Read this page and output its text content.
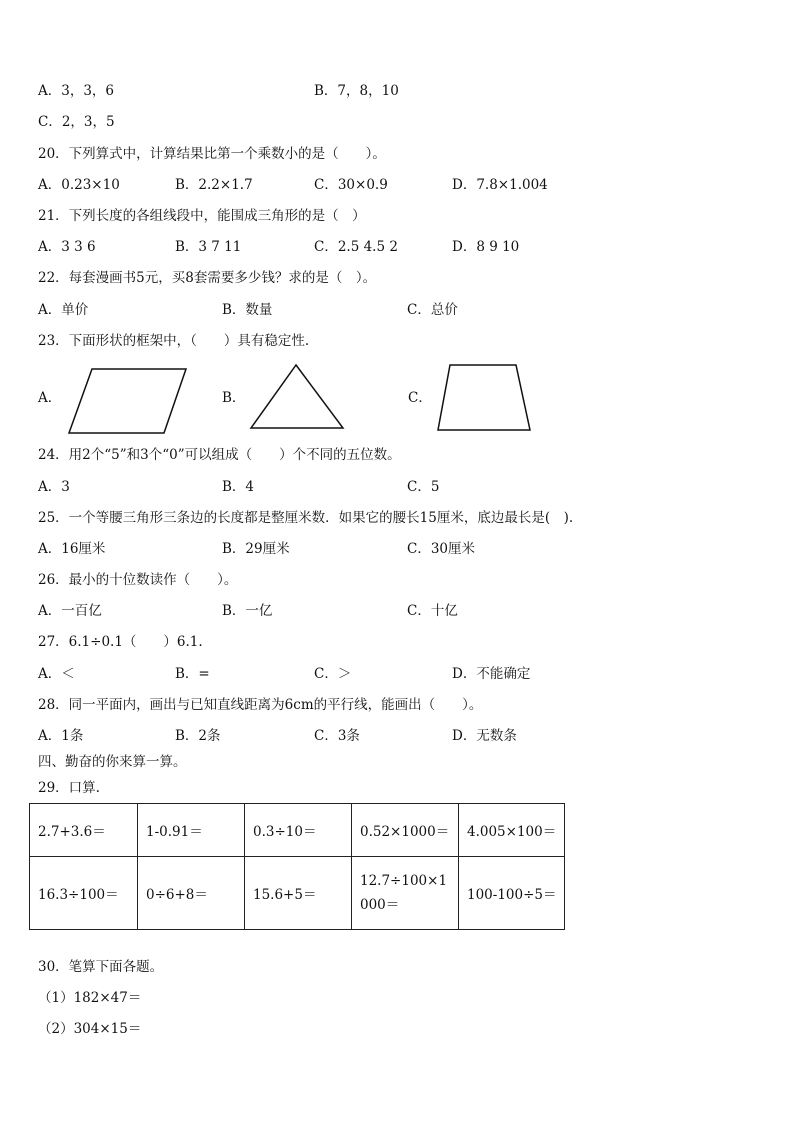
A．3，3，6	B．7，8，10
C．2，3，5
20．下列算式中，计算结果比第一个乘数小的是（　　）。
A．0.23×10	B．2.2×1.7	C．30×0.9	D．7.8×1.004
21．下列长度的各组线段中，能围成三角形的是（　）
A．3 3 6	B．3 7 11	C．2.5 4.5 2	D．8 9 10
22．每套漫画书5元，买8套需要多少钱？求的是（　）。
A．单价	B．数量	C．总价
23．下面形状的框架中，（　　）具有稳定性.
A．	B．	C．
24．用2个“5”和3个“0”可以组成（　　）个不同的五位数。
A．3	B．4	C．5
25．一个等腰三角形三条边的长度都是整厘米数．如果它的腰长15厘米，底边最长是(　).
A．16厘米	B．29厘米	C．30厘米
26．最小的十位数读作（　　）。
A．一百亿	B．一亿	C．十亿
27．6.1÷0.1（　　）6.1.
A．＜	B．=	C．＞	D．不能确定
28．同一平面内，画出与已知直线距离为6cm的平行线，能画出（　　）。
A．1条	B．2条	C．3条	D．无数条
四、勤奋的你来算一算。
29．口算.
2.7+3.6＝	1-0.91＝	0.3÷10＝	0.52×1000＝	4.005×100＝
16.3÷100＝	0÷6+8＝	15.6+5＝	12.7÷100×1000＝	100-100÷5＝
30．笔算下面各题。
（1）182×47＝
（2）304×15＝
